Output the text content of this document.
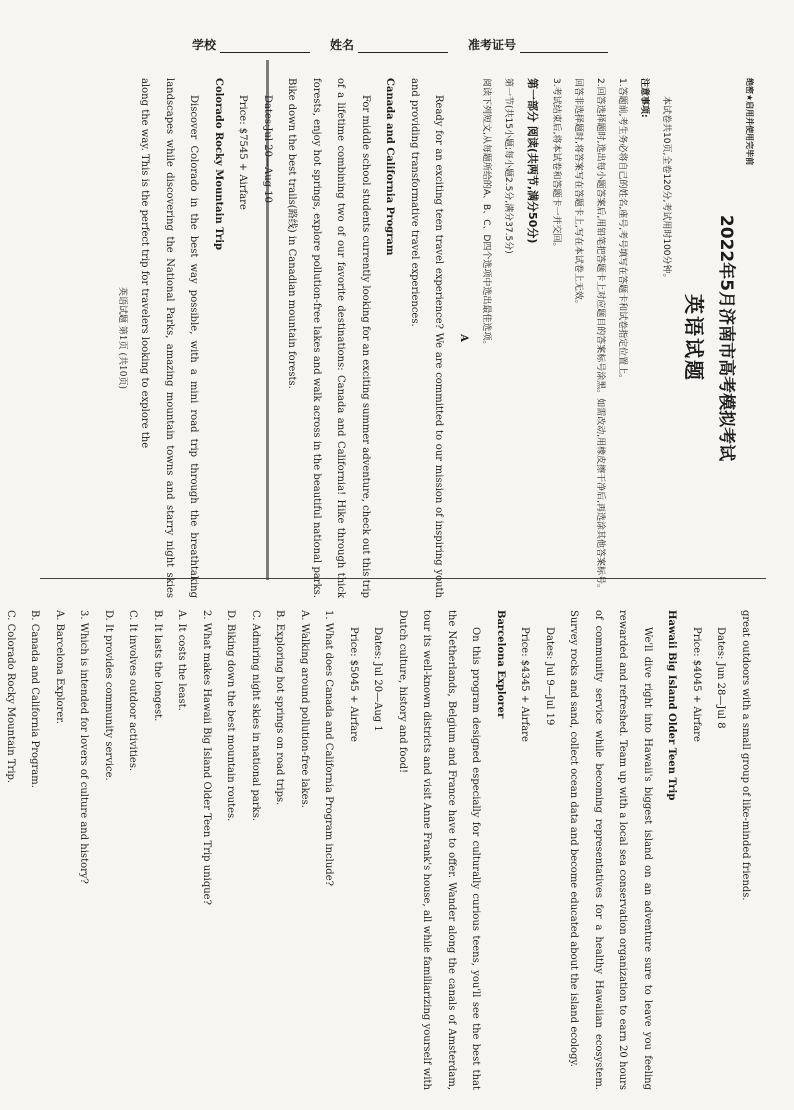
学校	姓名	准考证号

绝密★启用并使用完毕前

2022年5月济南市高考模拟考试

英语试题

本试卷共10页,全卷120分,考试用时100分钟。

注意事项:

1.答题前,考生务必将自己的姓名,座号,考号填写在答题卡和试卷指定位置上。

2.回答选择题时,选出每小题答案后,用铅笔把答题卡上对应题目的答案标号涂黑。如需改动,用橡皮擦干净后,再选涂其他答案标号。回答非选择题时,将答案写在答题卡上,写在本试卷上无效。

3.考试结束后,将本试卷和答题卡一并交回。

第一部分 阅读(共两节,满分50分)

第一节(共15小题;每小题2.5分,满分37.5分)

阅读下列短文,从每题所给的A、B、C、D四个选项中选出最佳选项。

A

Ready for an exciting teen travel experience? We are committed to our mission of inspiring youth and providing transformative travel experiences.

Canada and California Program

For middle school students currently looking for an exciting summer adventure, check out this trip of a lifetime combining two of our favorite destinations: Canada and California! Hike through thick forests, enjoy hot springs, explore pollution-free lakes and walk across in the beautiful national parks. Bike down the best trails(路线) in Canadian mountain forests.

Dates:Jul 20—Aug 10

Price: $7545 + Airfare

Colorado Rocky Mountain Trip

Discover Colorado in the best way possible, with a mini road trip through the breathtaking landscapes while discovering the National Parks, amazing mountain towns and starry night skies along the way. This is the perfect trip for travelers looking to explore the

英语试题 第1页 (共10页)

great outdoors with a small group of like-minded friends.

Dates: Jun 28—Jul 8

Price: $4045 + Airfare

Hawaii Big Island Older Teen Trip

We'll dive right into Hawaii's biggest island on an adventure sure to leave you feeling rewarded and refreshed. Team up with a local sea conservation organization to earn 20 hours of community service while becoming representatives for a healthy Hawaiian ecosystem. Survey rocks and sand, collect ocean data and become educated about the island ecology.

Dates: Jul 9—Jul 19

Price: $4345 + Airfare

Barcelona Explorer

On this program designed especially for culturally curious teens, you'll see the best that the Netherlands, Belgium and France have to offer. Wander along the canals of Amsterdam, tour its well-known districts and visit Anne Frank's house, all while familiarizing yourself with Dutch culture, history and food!

Dates: Jul 20—Aug 1

Price: $5045 + Airfare

1. What does Canada and California Program include?

A. Walking around pollution-free lakes.

B. Exploring hot springs on road trips.

C. Admiring night skies in national parks.

D. Biking down the best mountain routes.

2. What makes Hawaii Big Island Older Teen Trip unique?

A. It costs the least.

B. It lasts the longest.

C. It involves outdoor activities.

D. It provides community service.

3. Which is intended for lovers of culture and history?

A. Barcelona Explorer.

B. Canada and California Program.

C. Colorado Rocky Mountain Trip.
